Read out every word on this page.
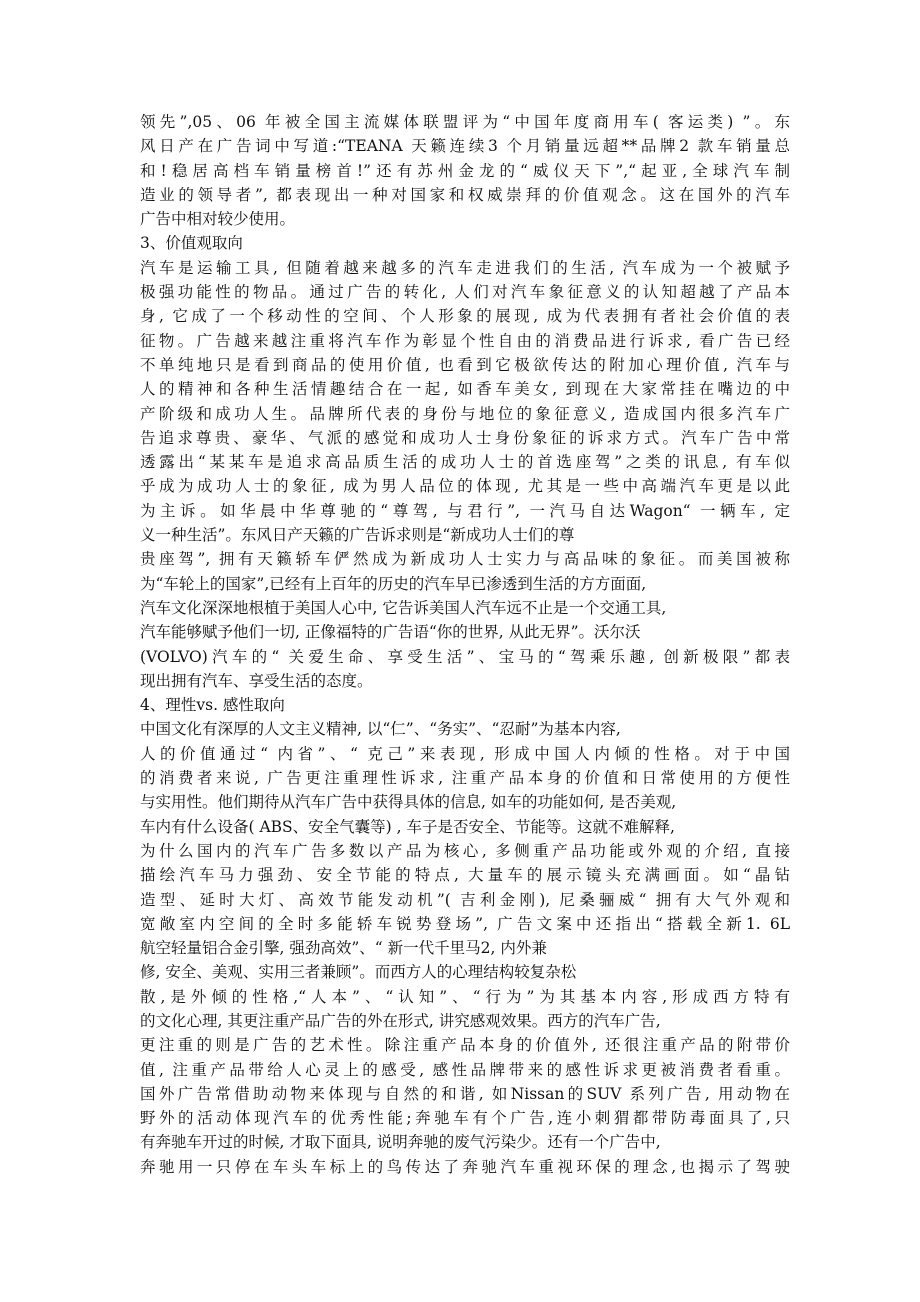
领先”,05、06 年被全国主流媒体联盟评为“中国年度商用车( 客运类) ”。东
风日产在广告词中写道:“TEANA 天籁连续3 个月销量远超**品牌2 款车销量总
和!稳居高档车销量榜首!”还有苏州金龙的“威仪天下”,“起亚,全球汽车制
造业的领导者”, 都表现出一种对国家和权威崇拜的价值观念。这在国外的汽车
广告中相对较少使用。
3、价值观取向
汽车是运输工具, 但随着越来越多的汽车走进我们的生活, 汽车成为一个被赋予
极强功能性的物品。通过广告的转化, 人们对汽车象征意义的认知超越了产品本
身, 它成了一个移动性的空间、个人形象的展现, 成为代表拥有者社会价值的表
征物。广告越来越注重将汽车作为彰显个性自由的消费品进行诉求, 看广告已经
不单纯地只是看到商品的使用价值, 也看到它极欲传达的附加心理价值, 汽车与
人的精神和各种生活情趣结合在一起, 如香车美女, 到现在大家常挂在嘴边的中
产阶级和成功人生。品牌所代表的身份与地位的象征意义, 造成国内很多汽车广
告追求尊贵、豪华、气派的感觉和成功人士身份象征的诉求方式。汽车广告中常
透露出“某某车是追求高品质生活的成功人士的首选座驾”之类的讯息, 有车似
乎成为成功人士的象征, 成为男人品位的体现, 尤其是一些中高端汽车更是以此
为主诉。如华晨中华尊驰的“尊驾, 与君行”, 一汽马自达Wagon“ 一辆车, 定
义一种生活”。东风日产天籁的广告诉求则是“新成功人士们的尊
贵座驾”, 拥有天籁轿车俨然成为新成功人士实力与高品味的象征。而美国被称
为“车轮上的国家”,已经有上百年的历史的汽车早已渗透到生活的方方面面,
汽车文化深深地根植于美国人心中, 它告诉美国人汽车远不止是一个交通工具,
汽车能够赋予他们一切, 正像福特的广告语“你的世界, 从此无界”。沃尔沃
(VOLVO)汽车的“ 关爱生命、享受生活”、宝马的“驾乘乐趣, 创新极限”都表
现出拥有汽车、享受生活的态度。
4、理性vs. 感性取向
中国文化有深厚的人文主义精神, 以“仁”、“务实”、“忍耐”为基本内容,
人的价值通过“ 内省”、“ 克己”来表现, 形成中国人内倾的性格。对于中国
的消费者来说, 广告更注重理性诉求, 注重产品本身的价值和日常使用的方便性
与实用性。他们期待从汽车广告中获得具体的信息, 如车的功能如何, 是否美观,
车内有什么设备( ABS、安全气囊等) , 车子是否安全、节能等。这就不难解释,
为什么国内的汽车广告多数以产品为核心, 多侧重产品功能或外观的介绍, 直接
描绘汽车马力强劲、安全节能的特点, 大量车的展示镜头充满画面。如“晶钻
造型、延时大灯、高效节能发动机”( 吉利金刚), 尼桑骊威“ 拥有大气外观和
宽敞室内空间的全时多能轿车锐势登场”, 广告文案中还指出“搭载全新1. 6L
航空轻量铝合金引擎, 强劲高效”、“ 新一代千里马2, 内外兼
修, 安全、美观、实用三者兼顾”。而西方人的心理结构较复杂松
散,是外倾的性格,“人本”、“认知”、“行为”为其基本内容,形成西方特有
的文化心理, 其更注重产品广告的外在形式, 讲究感观效果。西方的汽车广告,
更注重的则是广告的艺术性。除注重产品本身的价值外, 还很注重产品的附带价
值, 注重产品带给人心灵上的感受, 感性品牌带来的感性诉求更被消费者看重。
国外广告常借助动物来体现与自然的和谐, 如Nissan的SUV 系列广告, 用动物在
野外的活动体现汽车的优秀性能;奔驰车有个广告,连小刺猬都带防毒面具了,只
有奔驰车开过的时候, 才取下面具, 说明奔驰的废气污染少。还有一个广告中,
奔驰用一只停在车头车标上的鸟传达了奔驰汽车重视环保的理念,也揭示了驾驶
